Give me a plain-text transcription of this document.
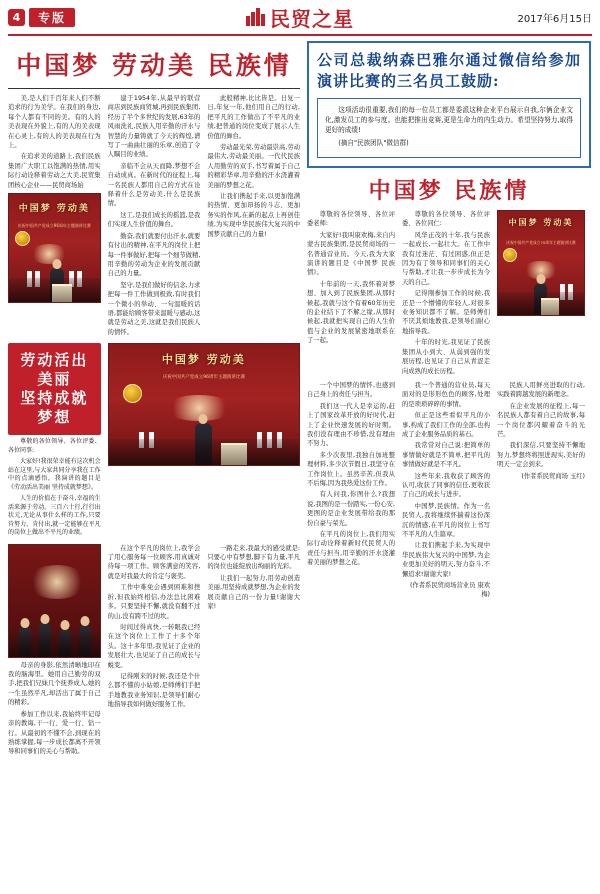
4	专版	民贸之星	2017年6月15日
中国梦 劳动美 民族情

美,是人们千百年来人们不断追求的行为美学。在我们的身边,每个人都有不同的美。有的人的美表现在外貌上,有的人的美表现在心灵上,有的人的美表现在行为上。

在追求美的道路上,我们民族集团广大职工以饱满的热情,用实际行动诠释着劳动之大美,民贸集团核心企业——民贸商场始

中国梦 劳动美
庆祝中国共产党成立96周年主题演讲比赛

建于1954年,从最早的联营商店到民族商贸城,再到民族集团,经历了半个多世纪的发展,63年的风雨洗礼,民族人用辛勤的汗水与智慧的力量铸就了今天的辉煌,谱写了一曲曲壮丽的乐章,创造了令人瞩目的业绩。

亲临不会从天而降,梦想不会自动成真。在新时代的征程上,每一名民族人都用自己的方式在诠释着什么是劳动美,什么是民族情。

这工,是我们成长的摇篮,是我们实现人生价值的舞台。

勤奋,我们就要付出汗水,就要有付出的精神,在平凡的岗位上把每一件事做好,把每一个细节做精,用辛勤的劳动为企业的发展贡献自己的力量。

坚守,是我们做好的信念,力求把每一件工作做到极致,有时我们一个微小的举动、一句温暖的话语,都能给顾客带来温暖与感动,这就是劳动之美,这就是我们民族人的情怀。

此般精神,比比皆是。日复一日,年复一年,他们用自己的行动,把平凡的工作做出了不平凡的业绩,把普通的岗位变成了展示人生价值的舞台。

劳动最光荣,劳动最崇高,劳动最伟大,劳动最美丽。一代代民族人用勤劳的双手,书写着属于自己的精彩华章,用辛勤的汗水浇灌着美丽的梦想之花。

让我们携起手来,以更加饱满的热情、更加昂扬的斗志、更加务实的作风,在新的起点上再创佳绩,为实现中华民族伟大复兴的中国梦贡献自己的力量!

劳动活出美丽
坚持成就梦想

尊敬的各位领导、各位评委、各位同事:

大家好!我很荣幸能有这次机会站在这里,与大家共同分享我在工作中的点滴感悟。我演讲的题目是《劳动活出美丽 坚持成就梦想》。

人生的价值在于奋斗,幸福的生活来源于劳动。三百六十行,行行出状元,无论从事什么样的工作,只要肯努力、肯付出,就一定能够在平凡的岗位上做出不平凡的业绩。

中国梦 劳动美
庆祝中国共产党成立96周年主题演讲比赛

母亲的身影,依然清晰地印在我的脑海里。她用自己勤劳的双手,把我们兄妹几个抚养成人,她的一生虽然平凡,却活出了属于自己的精彩。

参加工作以来,我始终牢记母亲的教诲,干一行、爱一行、钻一行。从最初的不懂不会,到现在的熟练掌握,每一步成长都离不开领导和同事们的关心与帮助。

在这个平凡的岗位上,我学会了用心服务每一位顾客,用真诚对待每一项工作。顾客满意的笑容,就是对我最大的肯定与褒奖。

工作中难免会遇到困难和挫折,但我始终相信,办法总比困难多。只要坚持不懈,就没有翻不过的山,没有跨不过的坎。

时间过得真快,一转眼我已经在这个岗位上工作了十多个年头。这十多年里,我见证了企业的发展壮大,也见证了自己的成长与蜕变。

记得刚来的时候,我还是个什么都不懂的小姑娘,是师傅们手把手地教我业务知识,是领导们耐心地指导我如何做好服务工作。

一路走来,我最大的感受就是:只要心中有梦想,脚下有力量,平凡的岗位也能绽放出绚丽的光彩。

让我们一起努力,用劳动创造美丽,用坚持成就梦想,为企业的发展贡献自己的一份力量!谢谢大家!

公司总裁纳森巴雅尔通过微信给参加演讲比赛的三名员工鼓励:

这项活动很重要,我们的每一位员工都是委派这种企业平台展示自我,尔俩企业文化,激发员工的参与度。也能把推出竞赛,更是生命力的内生动力。希望坚持努力,取得更好的成绩!

(摘自"民族团队"微信群)

中国梦 民族情

尊敬的各位领导、各位评委老师:

大家好!我叫康欢梅,来自内蒙古民族集团,是民贸商场的一名普通营业员。今天,我为大家演讲的题目是《中国梦 民族情》。

十年前的一天,我怀着对梦想、加入到了民族集团,从那时候起,我就与这个有着60年历史的企业结下了不解之缘,从那时候起,我就把实现自己的人生价值与企业的发展紧密地联系在了一起。

尊敬的各位领导、各位评委、各位同仁:

风华正茂的十年,我与民族一起成长,一起壮大。在工作中我有过迷茫、有过困惑,但正是因为有了领导和同事们的关心与帮助,才让我一步步成长为今天的自己。

记得刚参加工作的时候,我还是一个懵懂的年轻人,对很多业务知识都不了解。是师傅们不厌其烦地教我,是领导们耐心地指导我。

十年的时光,我见证了民族集团从小到大、从弱到强的发展历程,也见证了自己从青涩走向成熟的成长历程。

中国梦 劳动美
庆祝中国共产党成立70周年主题演讲比赛

一个中国梦的情怀,也感到自己身上的责任与担当。

我们这一代人是幸运的,赶上了国家改革开放的好时代,赶上了企业快速发展的好时期。我们没有理由不珍惜,没有理由不努力。

多少次夜里,我独自加班整理材料,多少次节假日,我坚守在工作岗位上。虽然辛苦,但我从不后悔,因为我热爱这份工作。

有人问我,你图什么?我想说,我图的是一份踏实,一份心安,更图的是企业发展带给我的那份自豪与荣光。

在平凡的岗位上,我们用实际行动诠释着新时代民贸人的责任与担当,用辛勤的汗水浇灌着美丽的梦想之花。

我一个普通的营业员,每天面对的是形形色色的顾客,处理的是琐琐碎碎的事情。

但正是这些看似平凡的小事,构成了我们工作的全部,也构成了企业服务品质的基石。

我常常对自己说:把简单的事情做好就是不简单,把平凡的事情做好就是不平凡。

这些年来,我收获了顾客的认可,收获了同事的信任,更收获了自己的成长与进步。

中国梦,民族情。作为一名民贸人,我将继续怀揣着这份深沉的情感,在平凡的岗位上书写不平凡的人生篇章。

让我们携起手来,为实现中华民族伟大复兴的中国梦,为企业更加美好的明天,努力奋斗,不懈追求!谢谢大家!

(作者系民贸商场营业员 康欢梅)

民族人用鲜亮进取的行动,实践着跨越发展的新理念。

在企业发展的征程上,每一名民族人都有着自己的故事,每一个岗位都闪耀着奋斗的光芒。

我们深信,只要坚持不懈地努力,梦想终将照进现实,美好的明天一定会到来。

(作者系民贸商场 玉红)
